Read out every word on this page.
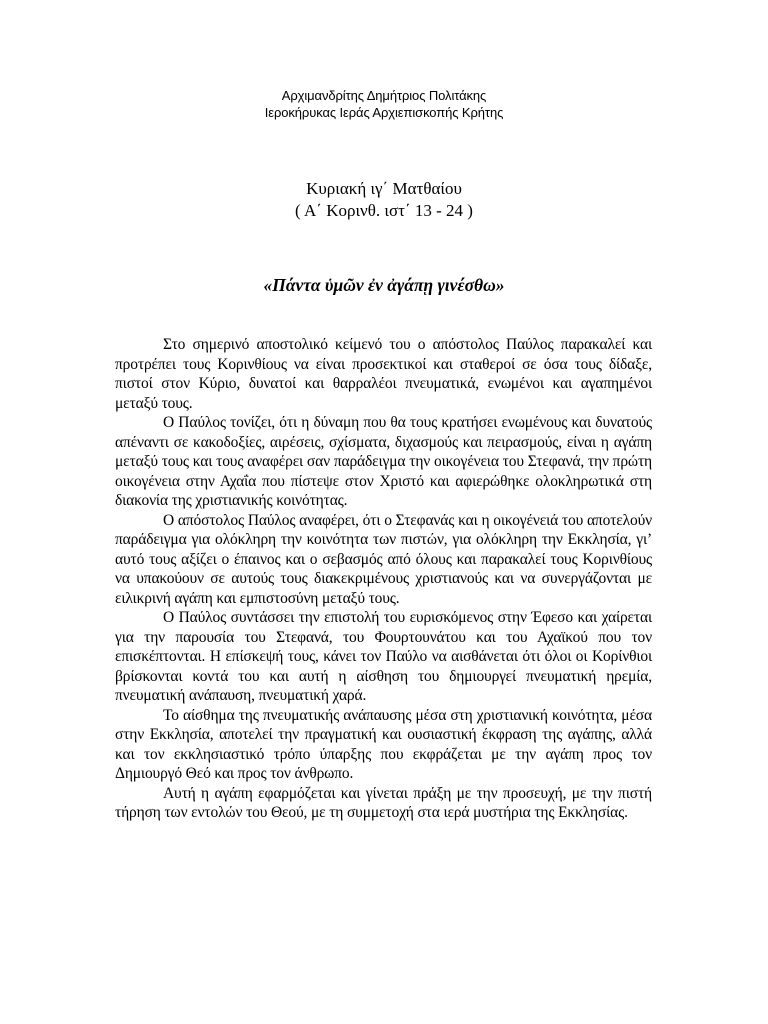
Αρχιμανδρίτης Δημήτριος Πολιτάκης
Ιεροκήρυκας Ιεράς Αρχιεπισκοπής Κρήτης
Κυριακή ιγ΄ Ματθαίου
( Α΄ Κορινθ. ιστ΄ 13 - 24 )
«Πάντα ὑμῶν ἐν ἀγάπῃ γινέσθω»

Στο σημερινό αποστολικό κείμενό του ο απόστολος Παύλος παρακαλεί και προτρέπει τους Κορινθίους να είναι προσεκτικοί και σταθεροί σε όσα τους δίδαξε, πιστοί στον Κύριο, δυνατοί και θαρραλέοι πνευματικά, ενωμένοι και αγαπημένοι μεταξύ τους.

Ο Παύλος τονίζει, ότι η δύναμη που θα τους κρατήσει ενωμένους και δυνατούς απέναντι σε κακοδοξίες, αιρέσεις, σχίσματα, διχασμούς και πειρασμούς, είναι η αγάπη μεταξύ τους και τους αναφέρει σαν παράδειγμα την οικογένεια του Στεφανά, την πρώτη οικογένεια στην Αχαΐα που πίστεψε στον Χριστό και αφιερώθηκε ολοκληρωτικά στη διακονία της χριστιανικής κοινότητας.

Ο απόστολος Παύλος αναφέρει, ότι ο Στεφανάς και η οικογένειά του αποτελούν παράδειγμα για ολόκληρη την κοινότητα των πιστών, για ολόκληρη την Εκκλησία, γι’ αυτό τους αξίζει ο έπαινος και ο σεβασμός από όλους και παρακαλεί τους Κορινθίους να υπακούουν σε αυτούς τους διακεκριμένους χριστιανούς και να συνεργάζονται με ειλικρινή αγάπη και εμπιστοσύνη μεταξύ τους.

Ο Παύλος συντάσσει την επιστολή του ευρισκόμενος στην Έφεσο και χαίρεται για την παρουσία του Στεφανά, του Φουρτουνάτου και του Αχαϊκού που τον επισκέπτονται. Η επίσκεψή τους, κάνει τον Παύλο να αισθάνεται ότι όλοι οι Κορίνθιοι βρίσκονται κοντά του και αυτή η αίσθηση του δημιουργεί πνευματική ηρεμία, πνευματική ανάπαυση, πνευματική χαρά.

Το αίσθημα της πνευματικής ανάπαυσης μέσα στη χριστιανική κοινότητα, μέσα στην Εκκλησία, αποτελεί την πραγματική και ουσιαστική έκφραση της αγάπης, αλλά και τον εκκλησιαστικό τρόπο ύπαρξης που εκφράζεται με την αγάπη προς τον Δημιουργό Θεό και προς τον άνθρωπο.

Αυτή η αγάπη εφαρμόζεται και γίνεται πράξη με την προσευχή, με την πιστή τήρηση των εντολών του Θεού, με τη συμμετοχή στα ιερά μυστήρια της Εκκλησίας.
